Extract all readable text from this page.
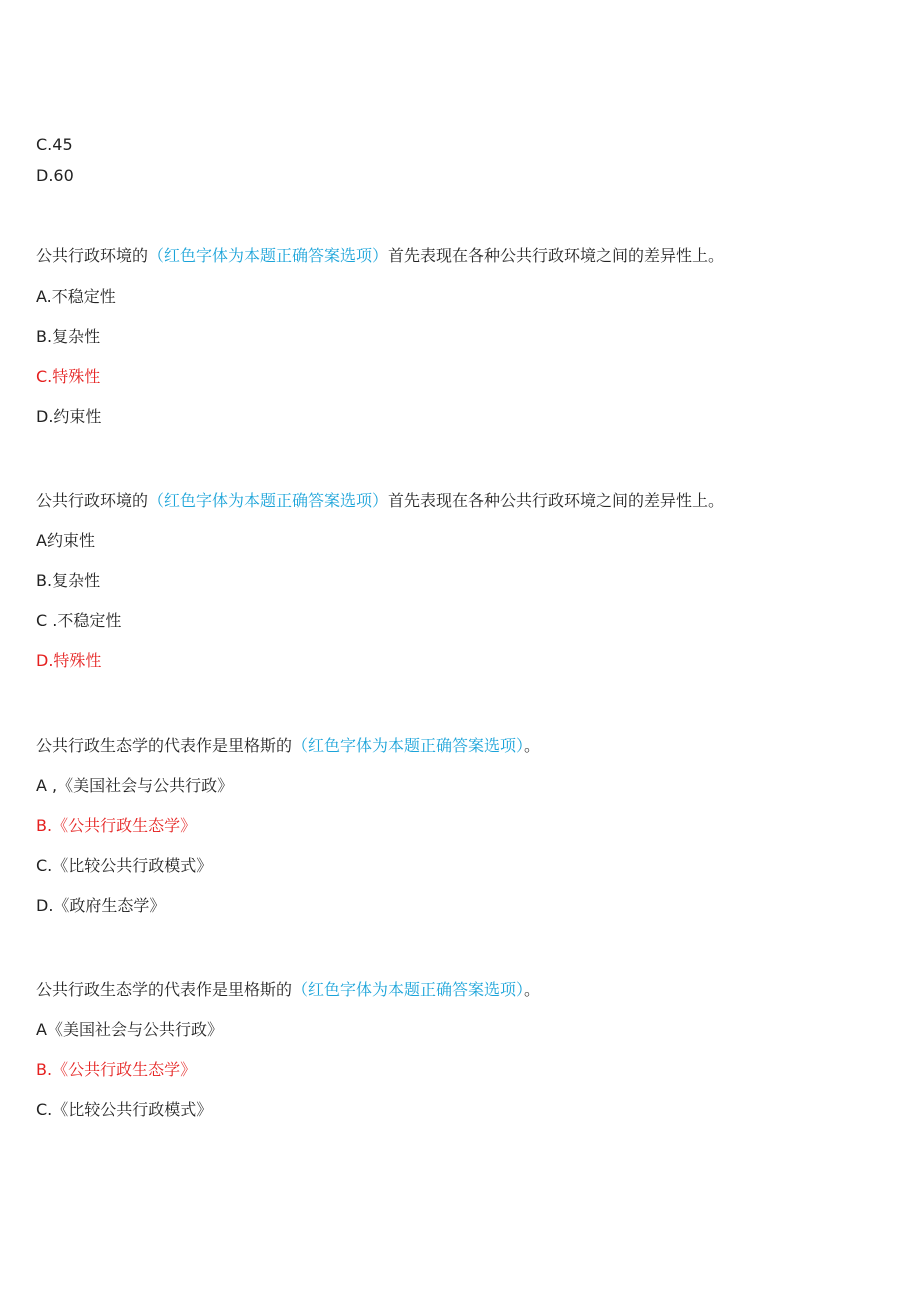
C.45
D.60
公共行政环境的（红色字体为本题正确答案选项）首先表现在各种公共行政环境之间的差异性上。
A.不稳定性
B.复杂性
C.特殊性
D.约束性
公共行政环境的（红色字体为本题正确答案选项）首先表现在各种公共行政环境之间的差异性上。
A约束性
B.复杂性
C .不稳定性
D.特殊性
公共行政生态学的代表作是里格斯的（红色字体为本题正确答案选项）。
A ,《美国社会与公共行政》
B.《公共行政生态学》
C.《比较公共行政模式》
D.《政府生态学》
公共行政生态学的代表作是里格斯的（红色字体为本题正确答案选项）。
A《美国社会与公共行政》
B.《公共行政生态学》
C.《比较公共行政模式》
